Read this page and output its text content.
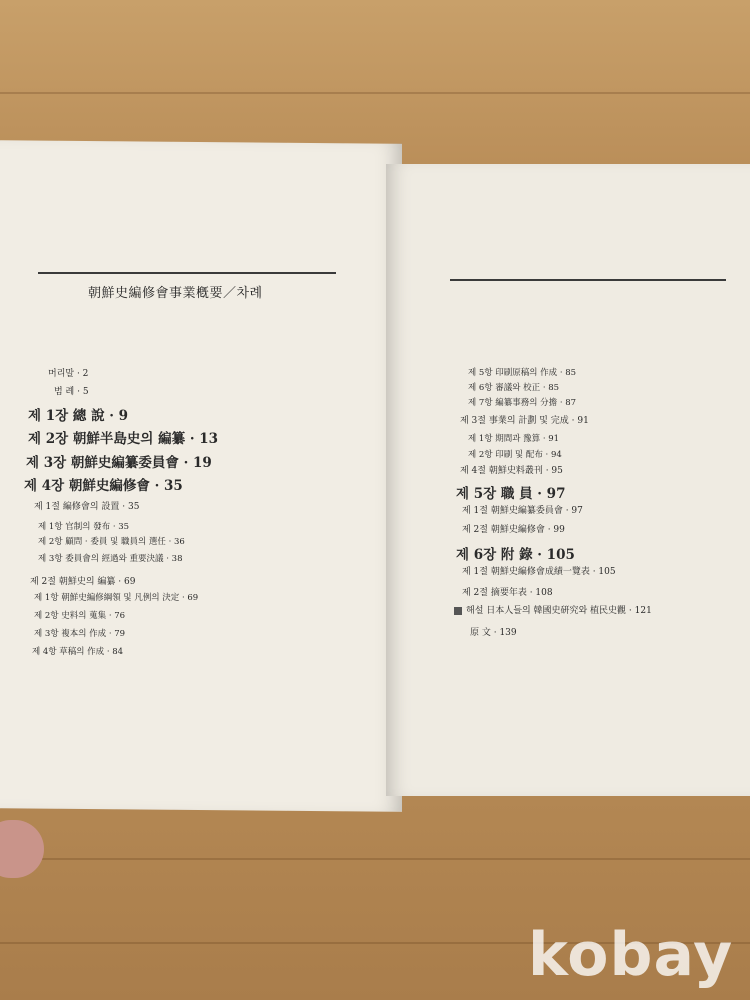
朝鮮史編修會事業槪要／차례
머리말 · 2
범 례 · 5
제 1장 總 說 · 9
제 2장 朝鮮半島史의 編纂 · 13
제 3장 朝鮮史編纂委員會 · 19
제 4장 朝鮮史編修會 · 35
제 1절 編修會의 設置 · 35
제 1항 官制의 發布 · 35
제 2항 顧問 · 委員 및 職員의 選任 · 36
제 3항 委員會의 經過와 重要決議 · 38
제 2절 朝鮮史의 編纂 · 69
제 1항 朝鮮史編修綱領 및 凡例의 決定 · 69
제 2항 史料의 蒐集 · 76
제 3항 複本의 作成 · 79
제 4항 草稿의 作成 · 84
제 5항 印刷原稿의 作成 · 85
제 6항 審議와 校正 · 85
제 7항 編纂事務의 分擔 · 87
제 3절 事業의 計劃 및 完成 · 91
제 1항 期間과 豫算 · 91
제 2항 印刷 및 配布 · 94
제 4절 朝鮮史料叢刊 · 95
제 5장 職 員 · 97
제 1절 朝鮮史編纂委員會 · 97
제 2절 朝鮮史編修會 · 99
제 6장 附 錄 · 105
제 1절 朝鮮史編修會成績一覽表 · 105
제 2절 摘要年表 · 108
해설 日本人들의 韓國史硏究와 植民史觀 · 121
原 文 · 139
kobay
